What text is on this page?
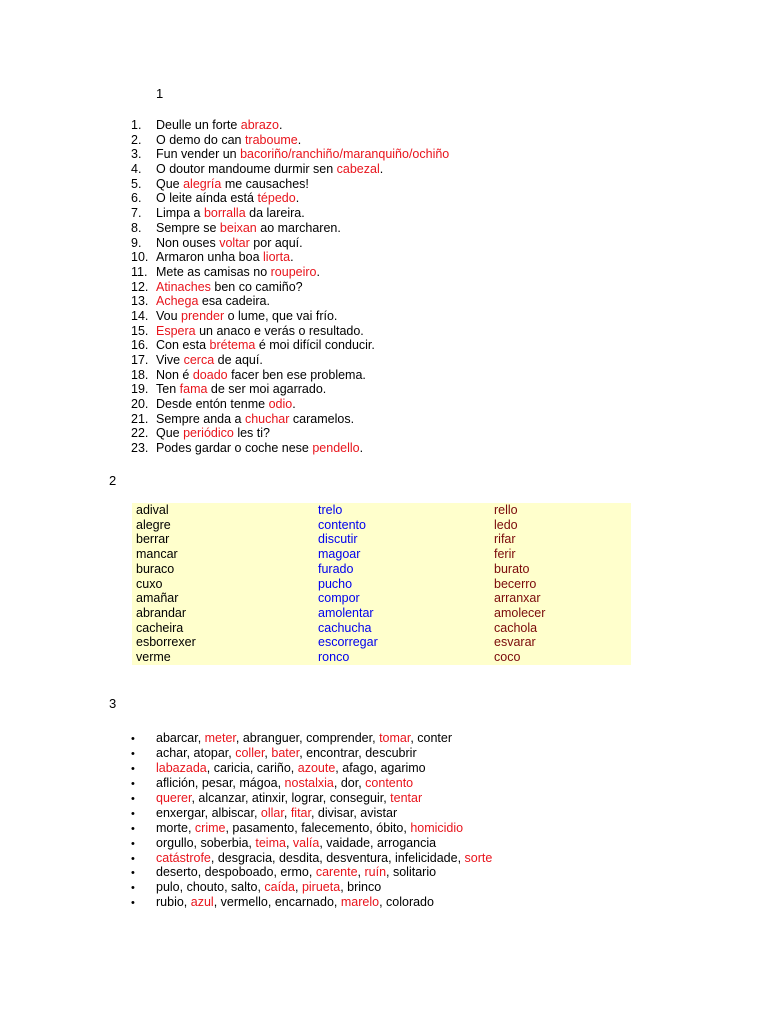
1
1. Deulle un forte abrazo.
2. O demo do can traboume.
3. Fun vender un bacoriño/ranchiño/maranquiño/ochiño
4. O doutor mandoume durmir sen cabezal.
5. Que alegría me causaches!
6. O leite aínda está tépedo.
7. Limpa a borralla da lareira.
8. Sempre se beixan ao marcharen.
9. Non ouses voltar por aquí.
10. Armaron unha boa liorta.
11. Mete as camisas no roupeiro.
12. Atinaches ben co camiño?
13. Achega esa cadeira.
14. Vou prender o lume, que vai frío.
15. Espera un anaco e verás o resultado.
16. Con esta brétema é moi difícil conducir.
17. Vive cerca de aquí.
18. Non é doado facer ben ese problema.
19. Ten fama de ser moi agarrado.
20. Desde entón tenme odio.
21. Sempre anda a chuchar caramelos.
22. Que periódico les ti?
23. Podes gardar o coche nese pendello.
2
adival	trelo	rello
alegre	contento	ledo
berrar	discutir	rifar
mancar	magoar	ferir
buraco	furado	burato
cuxo	pucho	becerro
amañar	compor	arranxar
abrandar	amolentar	amolecer
cacheira	cachucha	cachola
esborrexer	escorregar	esvarar
verme	ronco	coco
3
• abarcar, meter, abranguer, comprender, tomar, conter
• achar, atopar, coller, bater, encontrar, descubrir
• labazada, caricia, cariño, azoute, afago, agarimo
• aflición, pesar, mágoa, nostalxia, dor, contento
• querer, alcanzar, atinxir, lograr, conseguir, tentar
• enxergar, albiscar, ollar, fitar, divisar, avistar
• morte, crime, pasamento, falecemento, óbito, homicidio
• orgullo, soberbia, teima, valía, vaidade, arrogancia
• catástrofe, desgracia, desdita, desventura, infelicidade, sorte
• deserto, despoboado, ermo, carente, ruín, solitario
• pulo, chouto, salto, caída, pirueta, brinco
• rubio, azul, vermello, encarnado, marelo, colorado
